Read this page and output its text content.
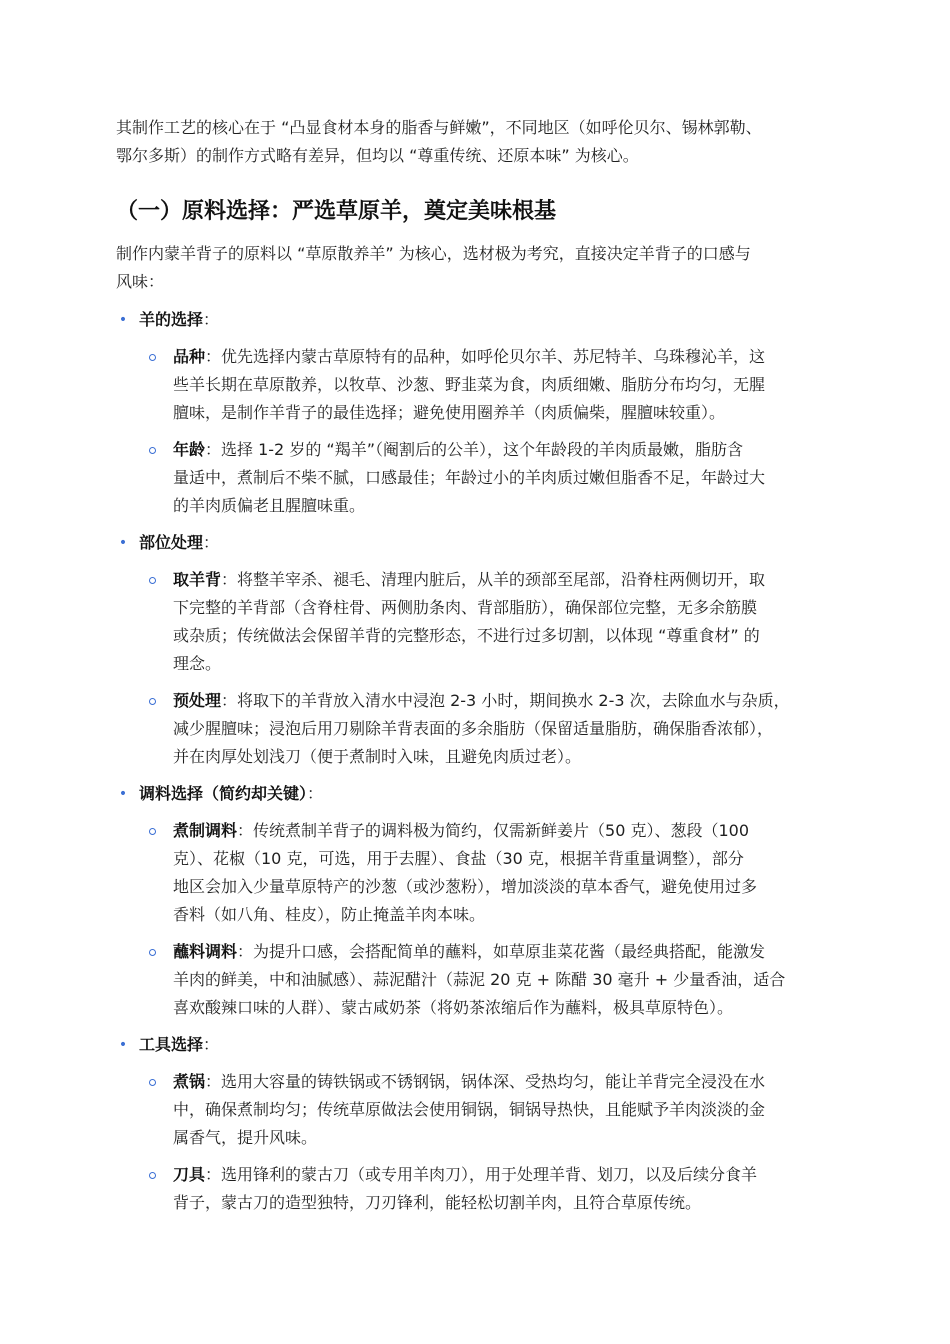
其制作工艺的核心在于 “凸显食材本身的脂香与鲜嫩”，不同地区（如呼伦贝尔、锡林郭勒、
鄂尔多斯）的制作方式略有差异，但均以 “尊重传统、还原本味” 为核心。

（一）原料选择：严选草原羊，奠定美味根基

制作内蒙羊背子的原料以 “草原散养羊” 为核心，选材极为考究，直接决定羊背子的口感与
风味：

• 羊的选择：

品种：优先选择内蒙古草原特有的品种，如呼伦贝尔羊、苏尼特羊、乌珠穆沁羊，这
些羊长期在草原散养，以牧草、沙葱、野韭菜为食，肉质细嫩、脂肪分布均匀，无腥
膻味，是制作羊背子的最佳选择；避免使用圈养羊（肉质偏柴，腥膻味较重）。

年龄：选择 1-2 岁的 “羯羊”（阉割后的公羊），这个年龄段的羊肉质最嫩，脂肪含
量适中，煮制后不柴不腻，口感最佳；年龄过小的羊肉质过嫩但脂香不足，年龄过大
的羊肉质偏老且腥膻味重。

• 部位处理：

取羊背：将整羊宰杀、褪毛、清理内脏后，从羊的颈部至尾部，沿脊柱两侧切开，取
下完整的羊背部（含脊柱骨、两侧肋条肉、背部脂肪），确保部位完整，无多余筋膜
或杂质；传统做法会保留羊背的完整形态，不进行过多切割，以体现 “尊重食材” 的
理念。

预处理：将取下的羊背放入清水中浸泡 2-3 小时，期间换水 2-3 次，去除血水与杂质，
减少腥膻味；浸泡后用刀剔除羊背表面的多余脂肪（保留适量脂肪，确保脂香浓郁），
并在肉厚处划浅刀（便于煮制时入味，且避免肉质过老）。

• 调料选择（简约却关键）：

煮制调料：传统煮制羊背子的调料极为简约，仅需新鲜姜片（50 克）、葱段（100
克）、花椒（10 克，可选，用于去腥）、食盐（30 克，根据羊背重量调整），部分
地区会加入少量草原特产的沙葱（或沙葱粉），增加淡淡的草本香气，避免使用过多
香料（如八角、桂皮），防止掩盖羊肉本味。

蘸料调料：为提升口感，会搭配简单的蘸料，如草原韭菜花酱（最经典搭配，能激发
羊肉的鲜美，中和油腻感）、蒜泥醋汁（蒜泥 20 克 + 陈醋 30 毫升 + 少量香油，适合
喜欢酸辣口味的人群）、蒙古咸奶茶（将奶茶浓缩后作为蘸料，极具草原特色）。

• 工具选择：

煮锅：选用大容量的铸铁锅或不锈钢锅，锅体深、受热均匀，能让羊背完全浸没在水
中，确保煮制均匀；传统草原做法会使用铜锅，铜锅导热快，且能赋予羊肉淡淡的金
属香气，提升风味。

刀具：选用锋利的蒙古刀（或专用羊肉刀），用于处理羊背、划刀，以及后续分食羊
背子，蒙古刀的造型独特，刀刃锋利，能轻松切割羊肉，且符合草原传统。
